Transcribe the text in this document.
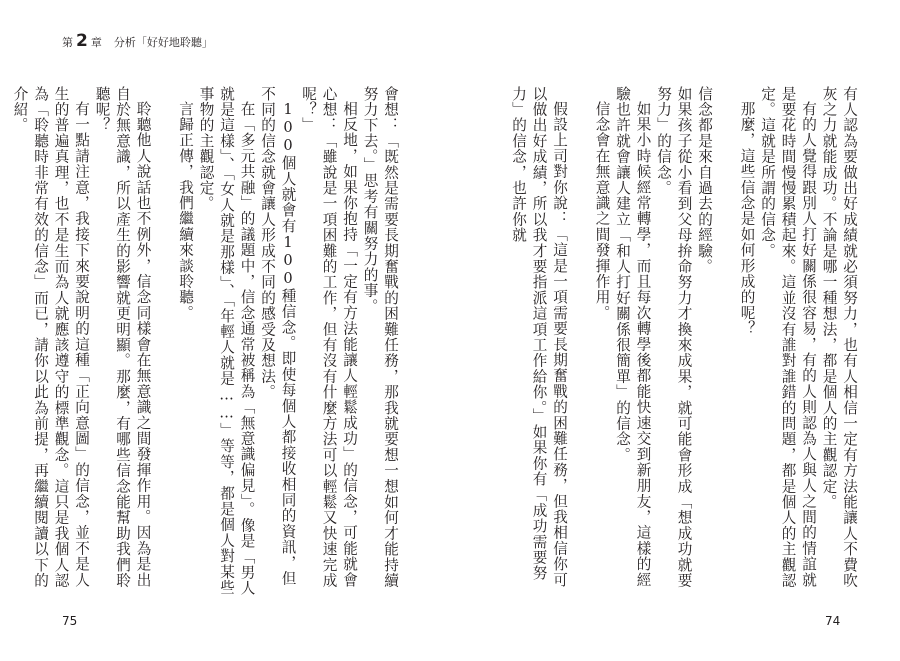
第 2 章 分析「好好地聆聽」

有人認為要做出好成績就必須努力，也有人相信一定有方法能讓人不費吹灰之力就能成功。不論是哪一種想法，都是個人的主觀認定。

有的人覺得跟別人打好關係很容易，有的人則認為人與人之間的情誼就是要花時間慢慢累積起來。這並沒有誰對誰錯的問題，都是個人的主觀認定。這就是所謂的信念。

那麼，這些信念是如何形成的呢？

信念都是來自過去的經驗。

如果孩子從小看到父母拚命努力才換來成果，就可能會形成「想成功就要努力」的信念。

如果小時候經常轉學，而且每次轉學後都能快速交到新朋友，這樣的經驗也許就會讓人建立「和人打好關係很簡單」的信念。

信念會在無意識之間發揮作用。

假設上司對你說：「這是一項需要長期奮戰的困難任務，但我相信你可以做出好成績，所以我才要指派這項工作給你。」如果你有「成功需要努力」的信念，也許你就

會想：「既然是需要長期奮戰的困難任務，那我就要想一想如何才能持續努力下去。」思考有關努力的事。

相反地，如果你抱持「一定有方法能讓人輕鬆成功」的信念，可能就會心想：「雖說是一項困難的工作，但有沒有什麼方法可以輕鬆又快速完成呢？」

100個人就會有100種信念。即使每個人都接收相同的資訊，但不同的信念就會讓人形成不同的感受及想法。

在「多元共融」的議題中，信念通常被稱為「無意識偏見」。像是「男人就是這樣」、「女人就是那樣」、「年輕人就是……」等等，都是個人對某些事物的主觀認定。

言歸正傳，我們繼續來談聆聽。

聆聽他人說話也不例外，信念同樣會在無意識之間發揮作用。因為是出自於無意識，所以產生的影響就更明顯。那麼，有哪些信念能幫助我們聆聽呢？

有一點請注意，我接下來要說明的這種「正向意圖」的信念，並不是人生的普遍真理，也不是生而為人就應該遵守的標準觀念。這只是我個人認為「聆聽時非常有效的信念」而已，請你以此為前提，再繼續閱讀以下的介紹。

75	74
